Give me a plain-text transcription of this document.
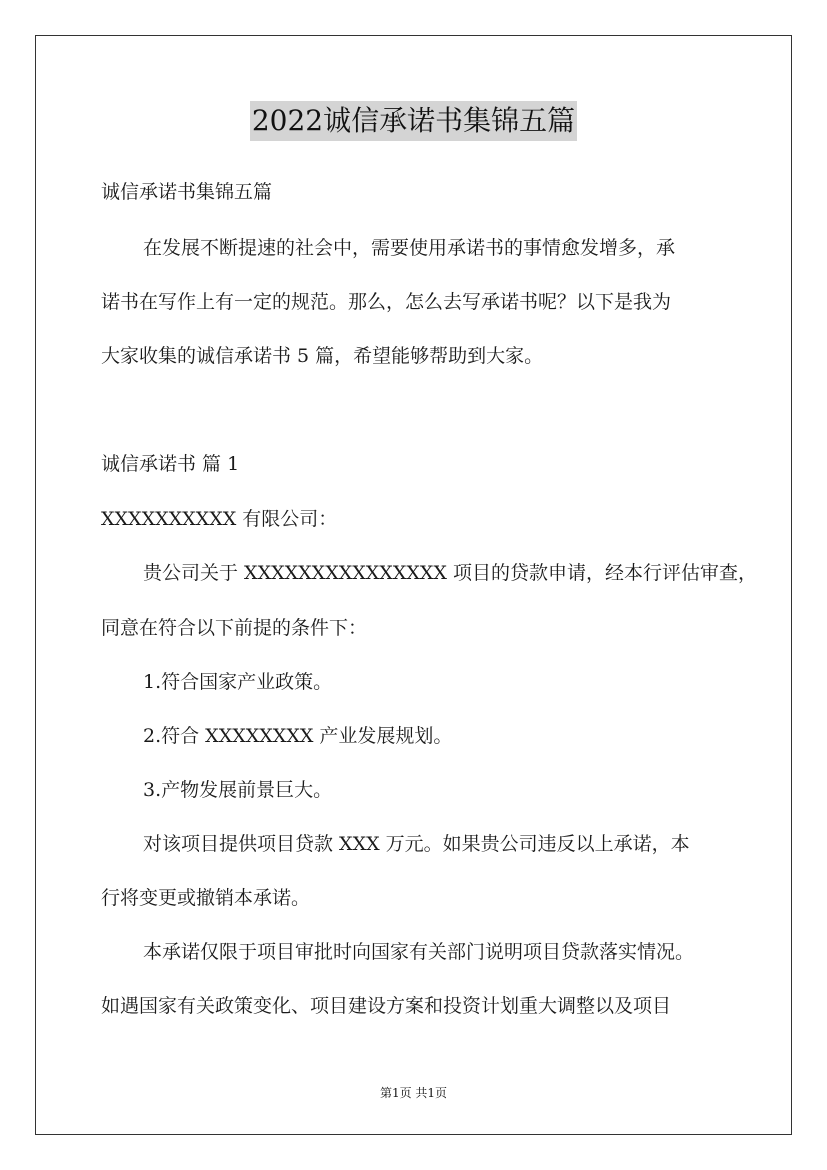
2022诚信承诺书集锦五篇
诚信承诺书集锦五篇
在发展不断提速的社会中，需要使用承诺书的事情愈发增多，承
诺书在写作上有一定的规范。那么，怎么去写承诺书呢？以下是我为
大家收集的诚信承诺书 5 篇，希望能够帮助到大家。
诚信承诺书 篇 1
XXXXXXXXXX 有限公司：
贵公司关于 XXXXXXXXXXXXXXX 项目的贷款申请，经本行评估审查，
同意在符合以下前提的条件下：
1.符合国家产业政策。
2.符合 XXXXXXXX 产业发展规划。
3.产物发展前景巨大。
对该项目提供项目贷款 XXX 万元。如果贵公司违反以上承诺，本
行将变更或撤销本承诺。
本承诺仅限于项目审批时向国家有关部门说明项目贷款落实情况。
如遇国家有关政策变化、项目建设方案和投资计划重大调整以及项目
第1页 共1页
